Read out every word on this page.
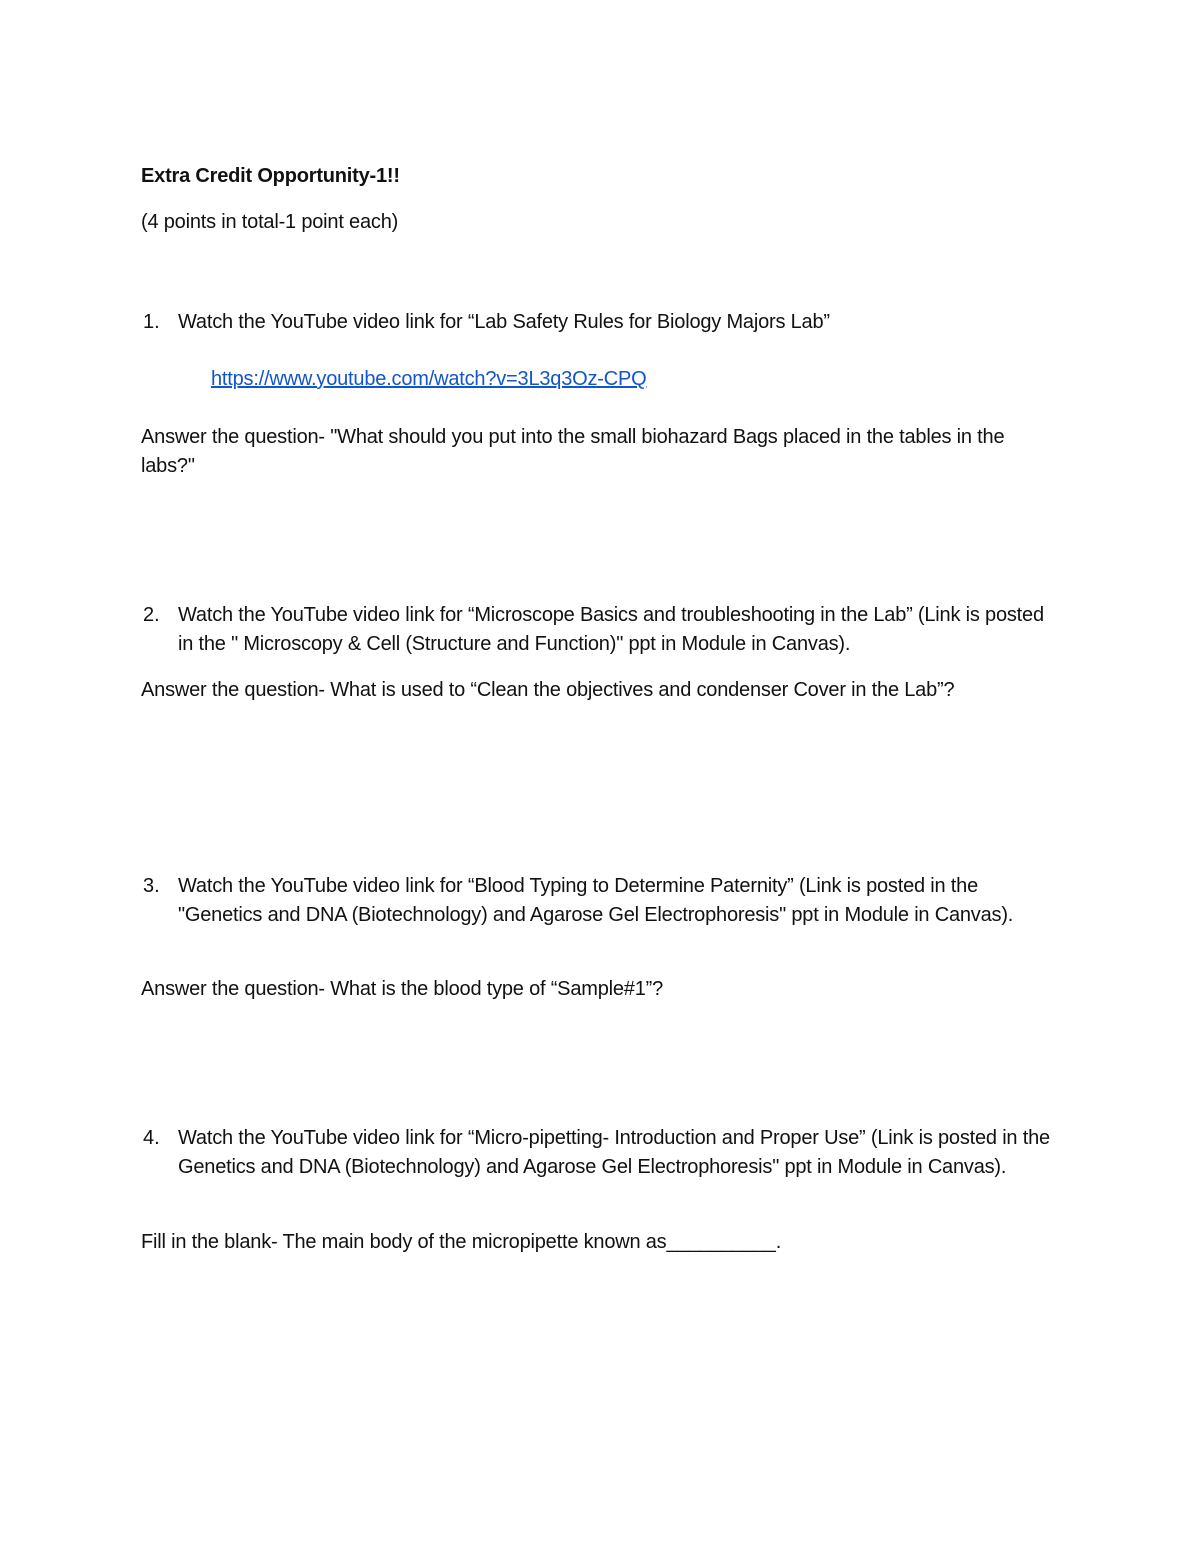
Extra Credit Opportunity-1!!
(4 points in total-1 point each)
1. Watch the YouTube video link for “Lab Safety Rules for Biology Majors Lab”
https://www.youtube.com/watch?v=3L3q3Oz-CPQ
Answer the question- "What should you put into the small biohazard Bags placed in the tables in the labs?"
2. Watch the YouTube video link for “Microscope Basics and troubleshooting in the Lab” (Link is posted in the " Microscopy & Cell (Structure and Function)" ppt in Module in Canvas).
Answer the question- What is used to “Clean the objectives and condenser Cover in the Lab”?
3. Watch the YouTube video link for “Blood Typing to Determine Paternity” (Link is posted in the "Genetics and DNA (Biotechnology) and Agarose Gel Electrophoresis" ppt in Module in Canvas).
Answer the question- What is the blood type of “Sample#1”?
4. Watch the YouTube video link for “Micro-pipetting- Introduction and Proper Use” (Link is posted in the Genetics and DNA (Biotechnology) and Agarose Gel Electrophoresis" ppt in Module in Canvas).
Fill in the blank- The main body of the micropipette known as__________.
